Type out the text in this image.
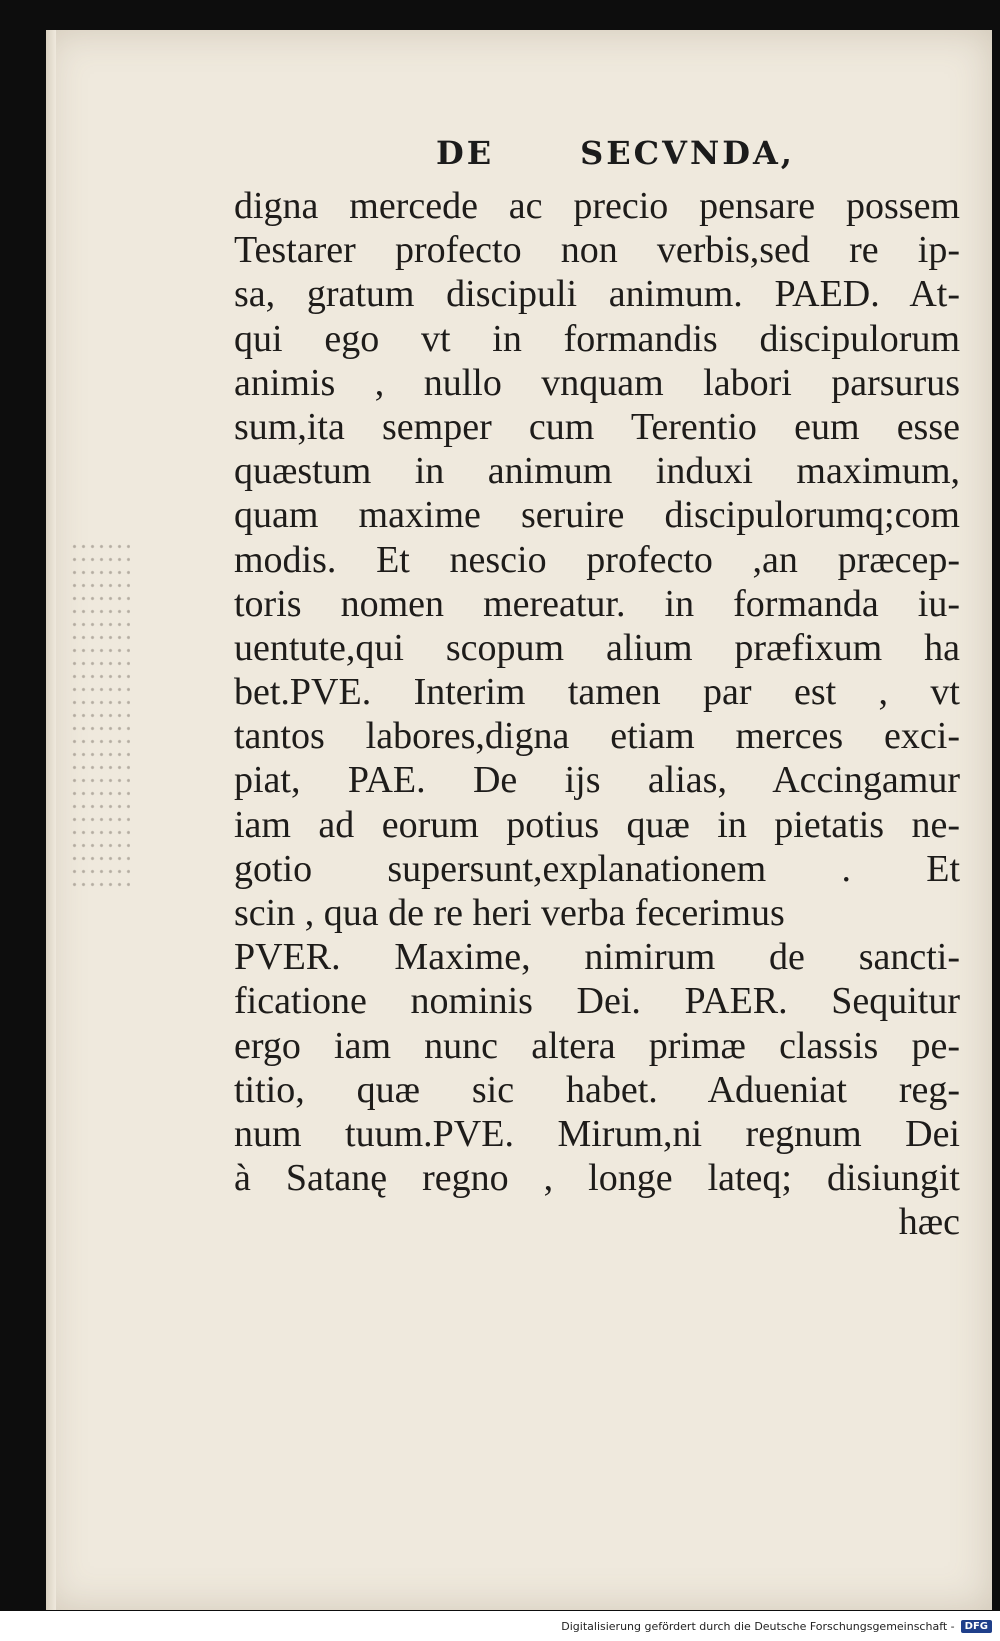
DE	SECVNDA,
digna mercede ac precio pensare possem
Testarer profecto non verbis,sed re ip-
sa, gratum discipuli animum. PAED. At-
qui ego vt in formandis discipulorum
animis , nullo vnquam labori parsurus
sum,ita semper cum Terentio eum esse
quæstum in animum induxi maximum,
quam maxime seruire discipulorumq;com
modis. Et nescio profecto ,an præcep-
toris nomen mereatur. in formanda iu-
uentute,qui scopum alium præfixum ha
bet.PVE. Interim tamen par est , vt
tantos labores,digna etiam merces exci-
piat, PAE. De ijs alias, Accingamur
iam ad eorum potius quæ in pietatis ne-
gotio supersunt,explanationem . Et
scin , qua de re heri verba fecerimus
PVER. Maxime, nimirum de sancti-
ficatione nominis Dei. PAER. Sequitur
ergo iam nunc altera primæ classis pe-
titio, quæ sic habet. Adueniat reg-
num tuum.PVE. Mirum,ni regnum Dei
à Satanę regno , longe lateq; disiungit
hæc
Digitalisierung gefördert durch die Deutsche Forschungsgemeinschaft -	DFG
